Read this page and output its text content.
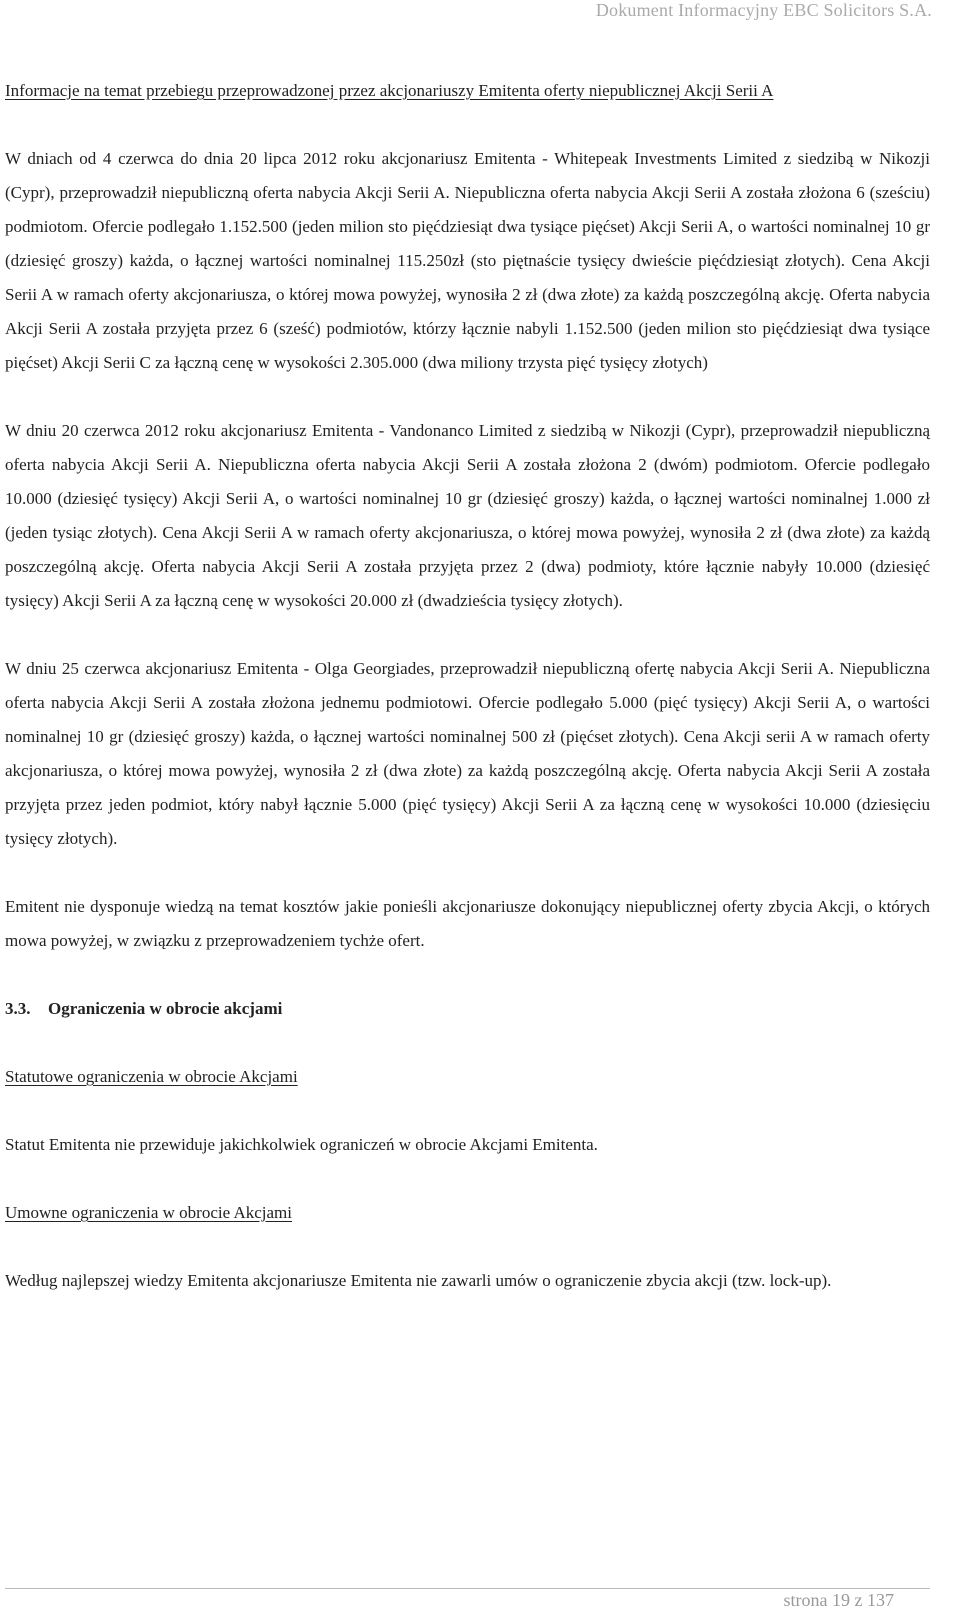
Dokument Informacyjny EBC Solicitors S.A.

Informacje na temat przebiegu przeprowadzonej przez akcjonariuszy Emitenta oferty niepublicznej Akcji Serii A

W dniach od 4 czerwca do dnia 20 lipca 2012 roku akcjonariusz Emitenta - Whitepeak Investments Limited z siedzibą w Nikozji (Cypr), przeprowadził niepubliczną oferta nabycia Akcji Serii A. Niepubliczna oferta nabycia Akcji Serii A została złożona 6 (sześciu) podmiotom. Ofercie podlegało 1.152.500 (jeden milion sto pięćdziesiąt dwa tysiące pięćset) Akcji Serii A, o wartości nominalnej 10 gr (dziesięć groszy) każda, o łącznej wartości nominalnej 115.250zł (sto piętnaście tysięcy dwieście pięćdziesiąt złotych). Cena Akcji Serii A w ramach oferty akcjonariusza, o której mowa powyżej, wynosiła 2 zł (dwa złote) za każdą poszczególną akcję. Oferta nabycia Akcji Serii A została przyjęta przez 6 (sześć) podmiotów, którzy łącznie nabyli 1.152.500 (jeden milion sto pięćdziesiąt dwa tysiące pięćset) Akcji Serii C za łączną cenę w wysokości 2.305.000 (dwa miliony trzysta pięć tysięcy złotych)

W dniu 20 czerwca 2012 roku akcjonariusz Emitenta - Vandonanco Limited z siedzibą w Nikozji (Cypr), przeprowadził niepubliczną oferta nabycia Akcji Serii A. Niepubliczna oferta nabycia Akcji Serii A została złożona 2 (dwóm) podmiotom. Ofercie podlegało 10.000 (dziesięć tysięcy) Akcji Serii A, o wartości nominalnej 10 gr (dziesięć groszy) każda, o łącznej wartości nominalnej 1.000 zł (jeden tysiąc złotych). Cena Akcji Serii A w ramach oferty akcjonariusza, o której mowa powyżej, wynosiła 2 zł (dwa złote) za każdą poszczególną akcję. Oferta nabycia Akcji Serii A została przyjęta przez 2 (dwa) podmioty, które łącznie nabyły 10.000 (dziesięć tysięcy) Akcji Serii A za łączną cenę w wysokości 20.000 zł (dwadzieścia tysięcy złotych).

W dniu 25 czerwca akcjonariusz Emitenta - Olga Georgiades, przeprowadził niepubliczną ofertę nabycia Akcji Serii A. Niepubliczna oferta nabycia Akcji Serii A została złożona jednemu podmiotowi. Ofercie podlegało 5.000 (pięć tysięcy) Akcji Serii A, o wartości nominalnej 10 gr (dziesięć groszy) każda, o łącznej wartości nominalnej 500 zł (pięćset złotych). Cena Akcji serii A w ramach oferty akcjonariusza, o której mowa powyżej, wynosiła 2 zł (dwa złote) za każdą poszczególną akcję. Oferta nabycia Akcji Serii A została przyjęta przez jeden podmiot, który nabył łącznie 5.000 (pięć tysięcy) Akcji Serii A za łączną cenę w wysokości 10.000 (dziesięciu tysięcy złotych).

Emitent nie dysponuje wiedzą na temat kosztów jakie ponieśli akcjonariusze dokonujący niepublicznej oferty zbycia Akcji, o których mowa powyżej, w związku z przeprowadzeniem tychże ofert.

3.3. Ograniczenia w obrocie akcjami

Statutowe ograniczenia w obrocie Akcjami

Statut Emitenta nie przewiduje jakichkolwiek ograniczeń w obrocie Akcjami Emitenta.

Umowne ograniczenia w obrocie Akcjami

Według najlepszej wiedzy Emitenta akcjonariusze Emitenta nie zawarli umów o ograniczenie zbycia akcji (tzw. lock-up).

strona 19 z 137
